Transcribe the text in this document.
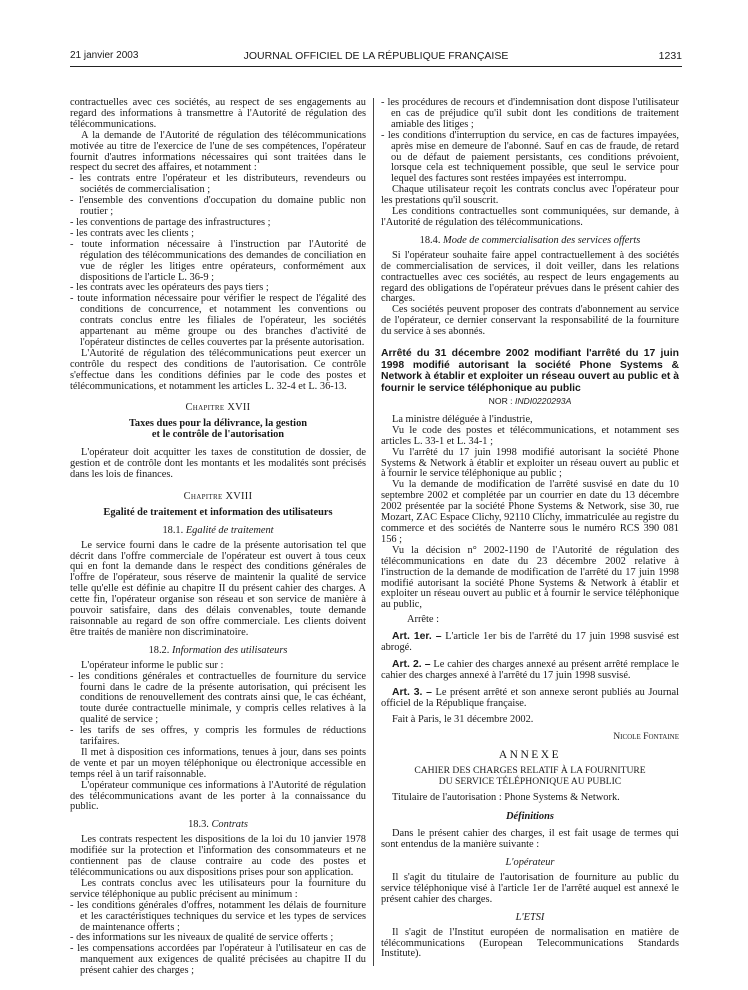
21 janvier 2003	JOURNAL OFFICIEL DE LA RÉPUBLIQUE FRANÇAISE	1231

contractuelles avec ces sociétés, au respect de ses engagements au regard des informations à transmettre à l'Autorité de régulation des télécommunications.

A la demande de l'Autorité de régulation des télécommunications motivée au titre de l'exercice de l'une de ses compétences, l'opérateur fournit d'autres informations nécessaires qui sont traitées dans le respect du secret des affaires, et notamment :

- les contrats entre l'opérateur et les distributeurs, revendeurs ou sociétés de commercialisation ;
- l'ensemble des conventions d'occupation du domaine public non routier ;
- les conventions de partage des infrastructures ;
- les contrats avec les clients ;
- toute information nécessaire à l'instruction par l'Autorité de régulation des télécommunications des demandes de conciliation en vue de régler les litiges entre opérateurs, conformément aux dispositions de l'article L. 36-9 ;
- les contrats avec les opérateurs des pays tiers ;
- toute information nécessaire pour vérifier le respect de l'égalité des conditions de concurrence, et notamment les conventions ou contrats conclus entre les filiales de l'opérateur, les sociétés appartenant au même groupe ou des branches d'activité de l'opérateur distinctes de celles couvertes par la présente autorisation.

L'Autorité de régulation des télécommunications peut exercer un contrôle du respect des conditions de l'autorisation. Ce contrôle s'effectue dans les conditions définies par le code des postes et télécommunications, et notamment les articles L. 32-4 et L. 36-13.

Chapitre XVII
Taxes dues pour la délivrance, la gestion
et le contrôle de l'autorisation

L'opérateur doit acquitter les taxes de constitution de dossier, de gestion et de contrôle dont les montants et les modalités sont précisés dans les lois de finances.

Chapitre XVIII
Egalité de traitement et information des utilisateurs
18.1. Egalité de traitement

Le service fourni dans le cadre de la présente autorisation tel que décrit dans l'offre commerciale de l'opérateur est ouvert à tous ceux qui en font la demande dans le respect des conditions générales de l'offre de l'opérateur, sous réserve de maintenir la qualité de service telle qu'elle est définie au chapitre II du présent cahier des charges. A cette fin, l'opérateur organise son réseau et son service de manière à pouvoir satisfaire, dans des délais convenables, toute demande raisonnable au regard de son offre commerciale. Les clients doivent être traités de manière non discriminatoire.

18.2. Information des utilisateurs

L'opérateur informe le public sur :

- les conditions générales et contractuelles de fourniture du service fourni dans le cadre de la présente autorisation, qui précisent les conditions de renouvellement des contrats ainsi que, le cas échéant, toute durée contractuelle minimale, y compris celles relatives à la qualité de service ;
- les tarifs de ses offres, y compris les formules de réductions tarifaires.

Il met à disposition ces informations, tenues à jour, dans ses points de vente et par un moyen téléphonique ou électronique accessible en temps réel à un tarif raisonnable.

L'opérateur communique ces informations à l'Autorité de régulation des télécommunications avant de les porter à la connaissance du public.

18.3. Contrats

Les contrats respectent les dispositions de la loi du 10 janvier 1978 modifiée sur la protection et l'information des consommateurs et ne contiennent pas de clause contraire au code des postes et télécommunications ou aux dispositions prises pour son application.

Les contrats conclus avec les utilisateurs pour la fourniture du service téléphonique au public précisent au minimum :

- les conditions générales d'offres, notamment les délais de fourniture et les caractéristiques techniques du service et les types de services de maintenance offerts ;
- des informations sur les niveaux de qualité de service offerts ;
- les compensations accordées par l'opérateur à l'utilisateur en cas de manquement aux exigences de qualité précisées au chapitre II du présent cahier des charges ;
- les procédures de recours et d'indemnisation dont dispose l'utilisateur en cas de préjudice qu'il subit dont les conditions de traitement amiable des litiges ;
- les conditions d'interruption du service, en cas de factures impayées, après mise en demeure de l'abonné. Sauf en cas de fraude, de retard ou de défaut de paiement persistants, ces conditions prévoient, lorsque cela est techniquement possible, que seul le service pour lequel des factures sont restées impayées est interrompu.

Chaque utilisateur reçoit les contrats conclus avec l'opérateur pour les prestations qu'il souscrit.

Les conditions contractuelles sont communiquées, sur demande, à l'Autorité de régulation des télécommunications.

18.4. Mode de commercialisation des services offerts

Si l'opérateur souhaite faire appel contractuellement à des sociétés de commercialisation de services, il doit veiller, dans les relations contractuelles avec ces sociétés, au respect de leurs engagements au regard des obligations de l'opérateur prévues dans le présent cahier des charges.

Ces sociétés peuvent proposer des contrats d'abonnement au service de l'opérateur, ce dernier conservant la responsabilité de la fourniture du service à ses abonnés.

Arrêté du 31 décembre 2002 modifiant l'arrêté du 17 juin 1998 modifié autorisant la société Phone Systems & Network à établir et exploiter un réseau ouvert au public et à fournir le service téléphonique au public
NOR : INDI0220293A

La ministre déléguée à l'industrie,

Vu le code des postes et télécommunications, et notamment ses articles L. 33-1 et L. 34-1 ;

Vu l'arrêté du 17 juin 1998 modifié autorisant la société Phone Systems & Network à établir et exploiter un réseau ouvert au public et à fournir le service téléphonique au public ;

Vu la demande de modification de l'arrêté susvisé en date du 10 septembre 2002 et complétée par un courrier en date du 13 décembre 2002 présentée par la société Phone Systems & Network, sise 30, rue Mozart, ZAC Espace Clichy, 92110 Clichy, immatriculée au registre du commerce et des sociétés de Nanterre sous le numéro RCS 390 081 156 ;

Vu la décision n° 2002-1190 de l'Autorité de régulation des télécommunications en date du 23 décembre 2002 relative à l'instruction de la demande de modification de l'arrêté du 17 juin 1998 modifié autorisant la société Phone Systems & Network à établir et exploiter un réseau ouvert au public et à fournir le service téléphonique au public,

Arrête :

Art. 1er. – L'article 1er bis de l'arrêté du 17 juin 1998 susvisé est abrogé.

Art. 2. – Le cahier des charges annexé au présent arrêté remplace le cahier des charges annexé à l'arrêté du 17 juin 1998 susvisé.

Art. 3. – Le présent arrêté et son annexe seront publiés au Journal officiel de la République française.

Fait à Paris, le 31 décembre 2002.

Nicole Fontaine
ANNEXE
CAHIER DES CHARGES RELATIF À LA FOURNITURE
DU SERVICE TÉLÉPHONIQUE AU PUBLIC

Titulaire de l'autorisation : Phone Systems & Network.

Définitions

Dans le présent cahier des charges, il est fait usage de termes qui sont entendus de la manière suivante :

L'opérateur

Il s'agit du titulaire de l'autorisation de fourniture au public du service téléphonique visé à l'article 1er de l'arrêté auquel est annexé le présent cahier des charges.

L'ETSI

Il s'agit de l'Institut européen de normalisation en matière de télécommunications (European Telecommunications Standards Institute).
